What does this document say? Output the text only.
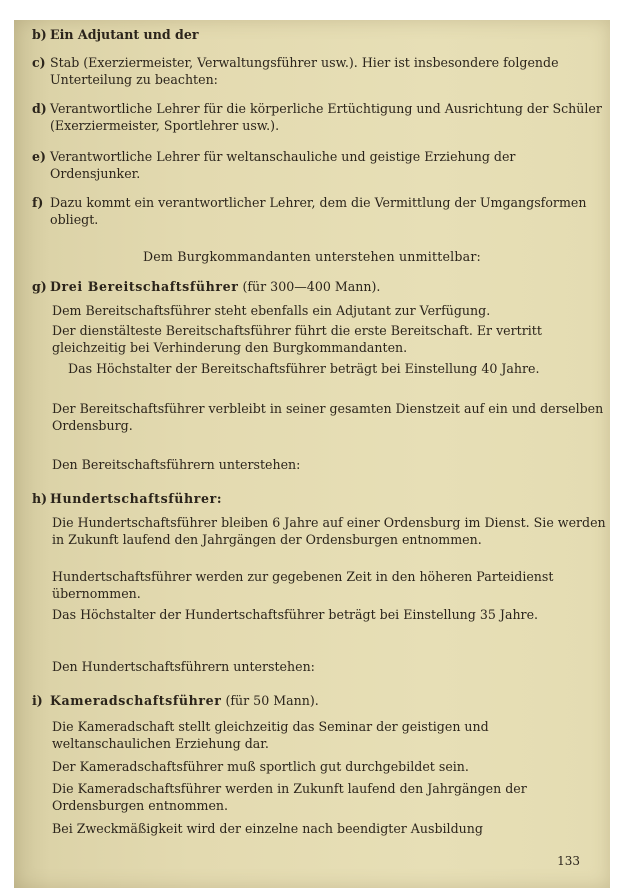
b) Ein Adjutant und der
c) Stab (Exerziermeister, Verwaltungsführer usw.). Hier ist insbesondere folgende Unterteilung zu beachten:
d) Verantwortliche Lehrer für die körperliche Ertüchtigung und Ausrichtung der Schüler (Exerziermeister, Sportlehrer usw.).
e) Verantwortliche Lehrer für weltanschauliche und geistige Erziehung der Ordensjunker.
f) Dazu kommt ein verantwortlicher Lehrer, dem die Vermittlung der Umgangsformen obliegt.
Dem Burgkommandanten unterstehen unmittelbar:
g) Drei Bereitschaftsführer (für 300—400 Mann).
Dem Bereitschaftsführer steht ebenfalls ein Adjutant zur Verfügung.
Der dienstälteste Bereitschaftsführer führt die erste Bereitschaft. Er vertritt gleichzeitig bei Verhinderung den Burgkommandanten.
Das Höchstalter der Bereitschaftsführer beträgt bei Einstellung 40 Jahre.
Der Bereitschaftsführer verbleibt in seiner gesamten Dienstzeit auf ein und derselben Ordensburg.
Den Bereitschaftsführern unterstehen:
h) Hundertschaftsführer:
Die Hundertschaftsführer bleiben 6 Jahre auf einer Ordensburg im Dienst. Sie werden in Zukunft laufend den Jahrgängen der Ordensburgen entnommen.
Hundertschaftsführer werden zur gegebenen Zeit in den höheren Parteidienst übernommen.
Das Höchstalter der Hundertschaftsführer beträgt bei Einstellung 35 Jahre.
Den Hundertschaftsführern unterstehen:
i) Kameradschaftsführer (für 50 Mann).
Die Kameradschaft stellt gleichzeitig das Seminar der geistigen und weltanschaulichen Erziehung dar.
Der Kameradschaftsführer muß sportlich gut durchgebildet sein.
Die Kameradschaftsführer werden in Zukunft laufend den Jahrgängen der Ordensburgen entnommen.
Bei Zweckmäßigkeit wird der einzelne nach beendigter Ausbildung
133
